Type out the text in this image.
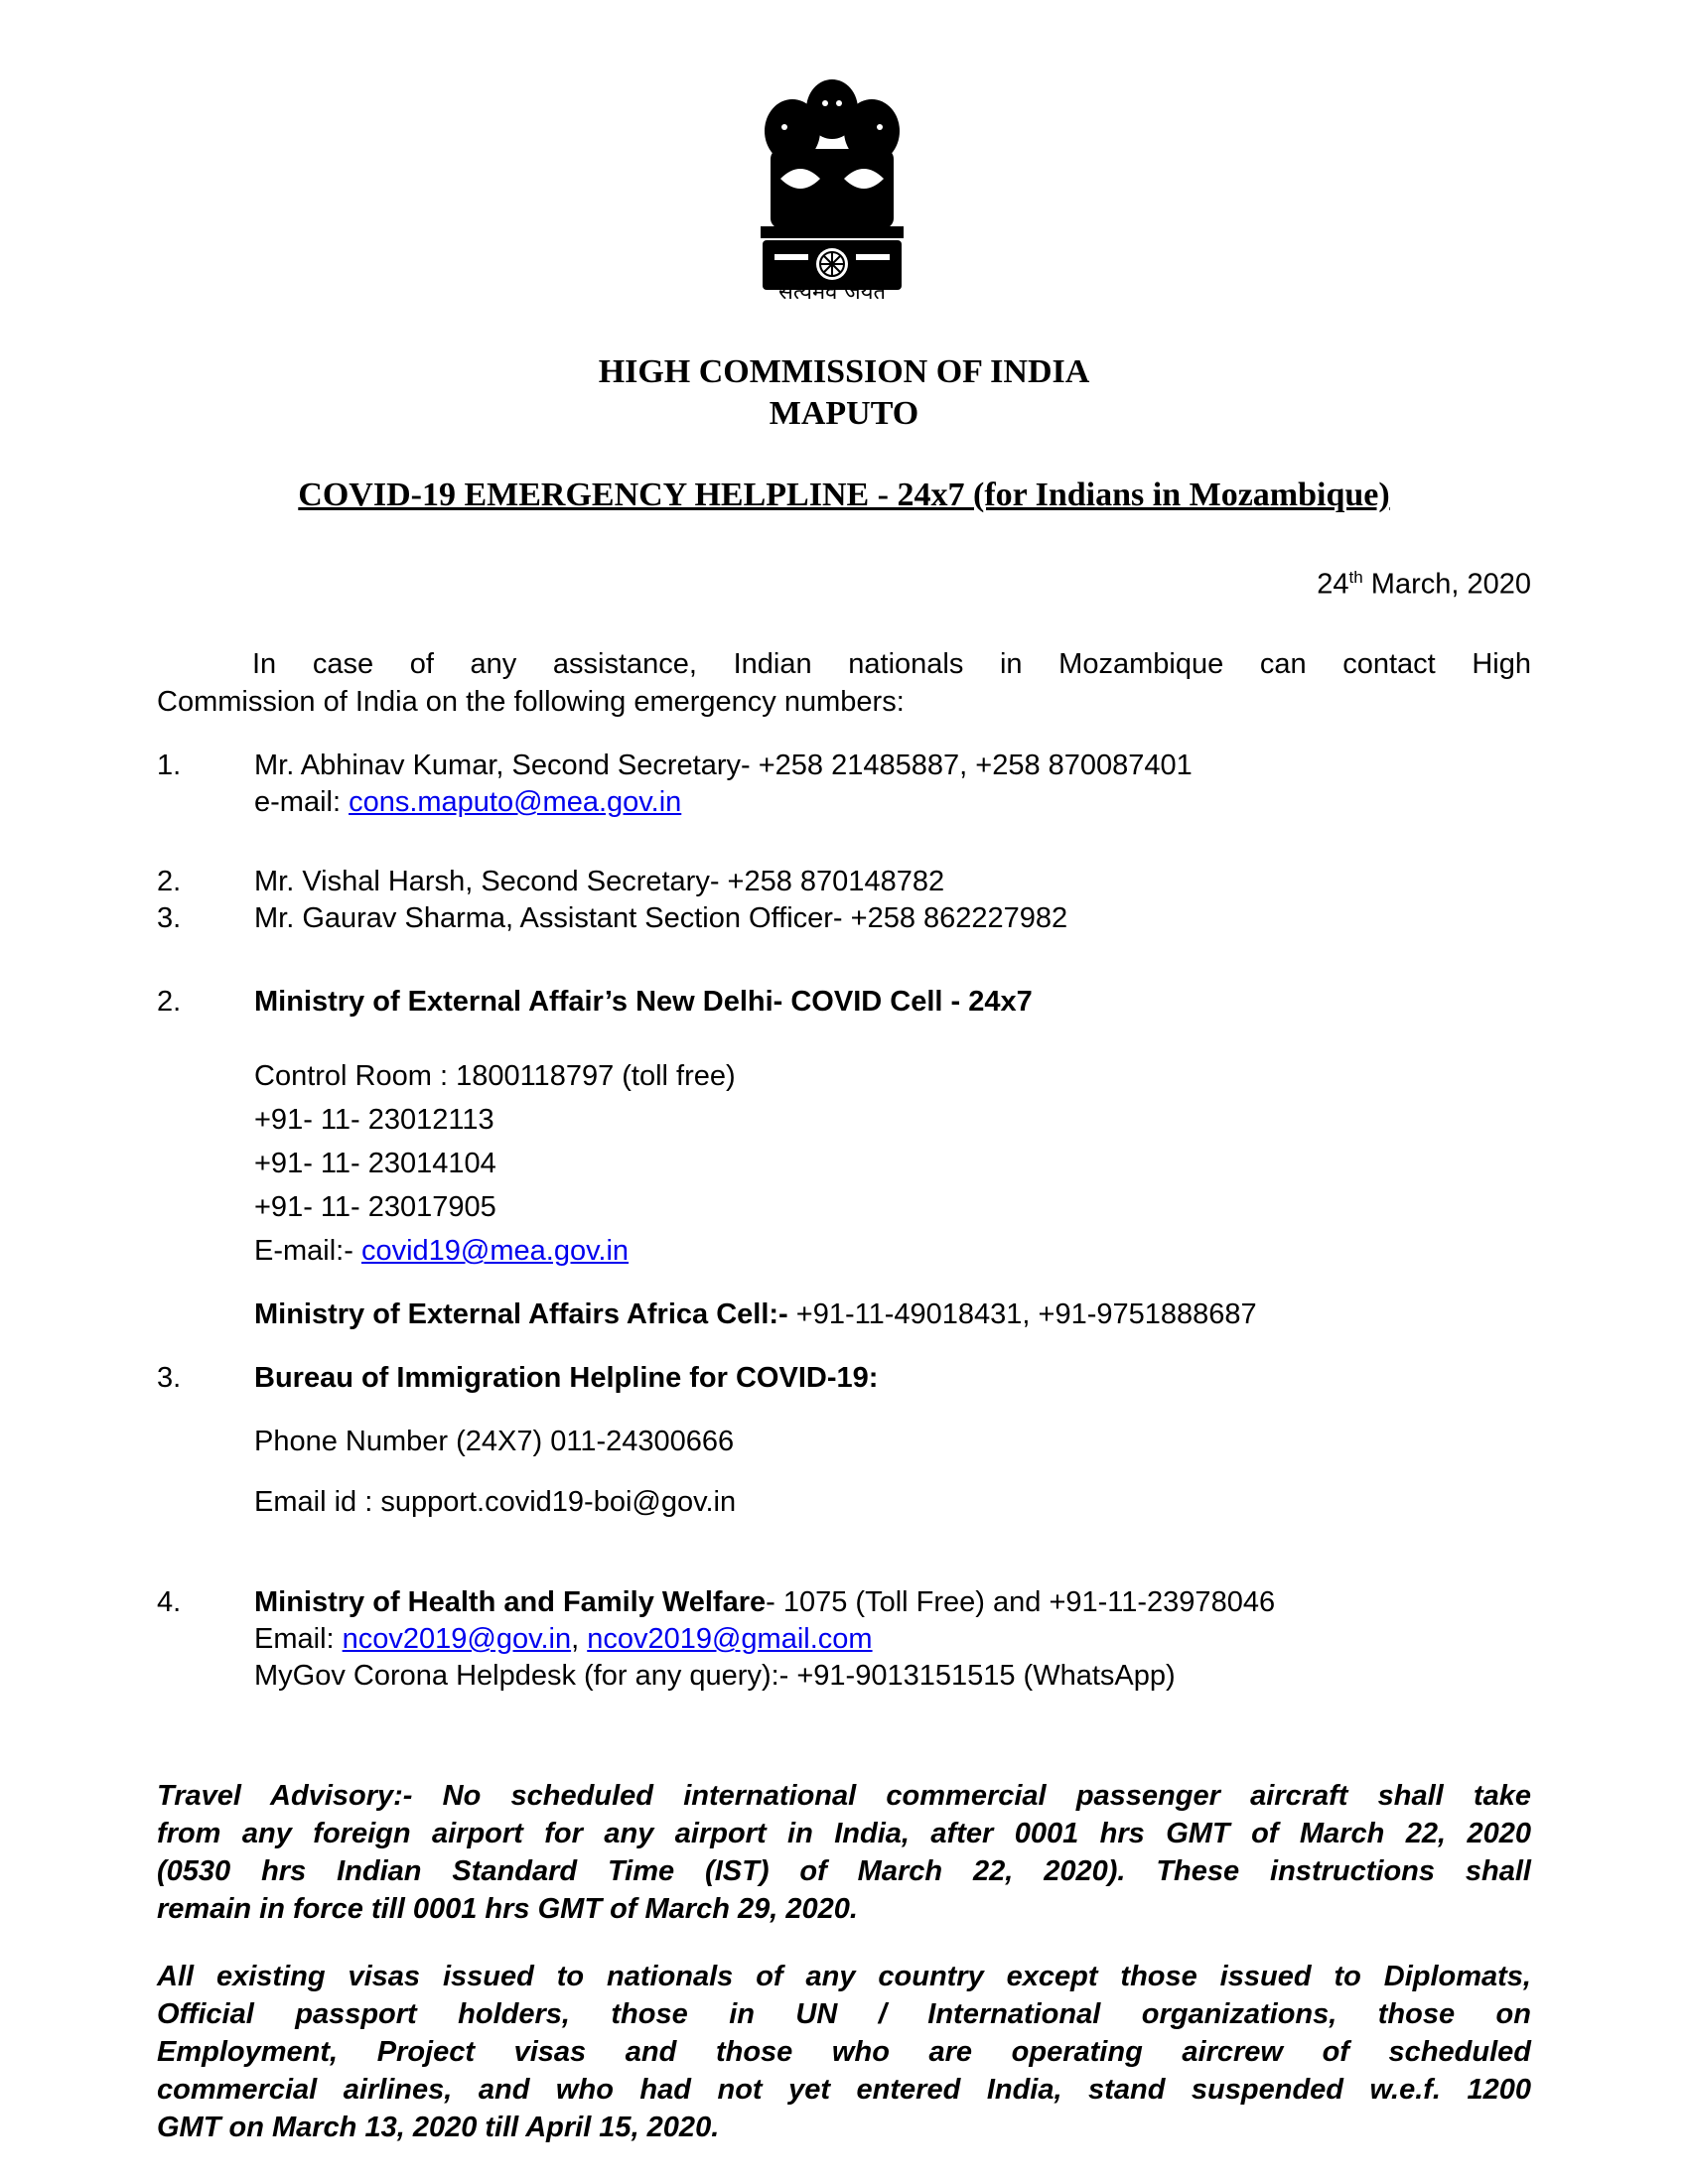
सत्यमेव जयते
HIGH COMMISSION OF INDIA
MAPUTO
COVID-19 EMERGENCY HELPLINE - 24x7 (for Indians in Mozambique)
24th March, 2020
In case of any assistance, Indian nationals in Mozambique can contact High
Commission of India on the following emergency numbers:
1.	Mr. Abhinav Kumar, Second Secretary- +258 21485887, +258 870087401
e-mail: cons.maputo@mea.gov.in
2.	Mr. Vishal Harsh, Second Secretary- +258 870148782
3.	Mr. Gaurav Sharma, Assistant Section Officer- +258 862227982
2.	Ministry of External Affair’s New Delhi- COVID Cell - 24x7
Control Room : 1800118797 (toll free)
+91- 11- 23012113
+91- 11- 23014104
+91- 11- 23017905
E-mail:- covid19@mea.gov.in
Ministry of External Affairs Africa Cell:- +91-11-49018431, +91-9751888687
3.	Bureau of Immigration Helpline for COVID-19:
Phone Number (24X7) 011-24300666
Email id : support.covid19-boi@gov.in
4.	Ministry of Health and Family Welfare- 1075 (Toll Free) and +91-11-23978046
Email: ncov2019@gov.in, ncov2019@gmail.com
MyGov Corona Helpdesk (for any query):- +91-9013151515 (WhatsApp)
Travel Advisory:- No scheduled international commercial passenger aircraft shall take
from any foreign airport for any airport in India, after 0001 hrs GMT of March 22, 2020
(0530 hrs Indian Standard Time (IST) of March 22, 2020). These instructions shall
remain in force till 0001 hrs GMT of March 29, 2020.
All existing visas issued to nationals of any country except those issued to Diplomats,
Official passport holders, those in UN / International organizations, those on
Employment, Project visas and those who are operating aircrew of scheduled
commercial airlines, and who had not yet entered India, stand suspended w.e.f. 1200
GMT on March 13, 2020 till April 15, 2020.
